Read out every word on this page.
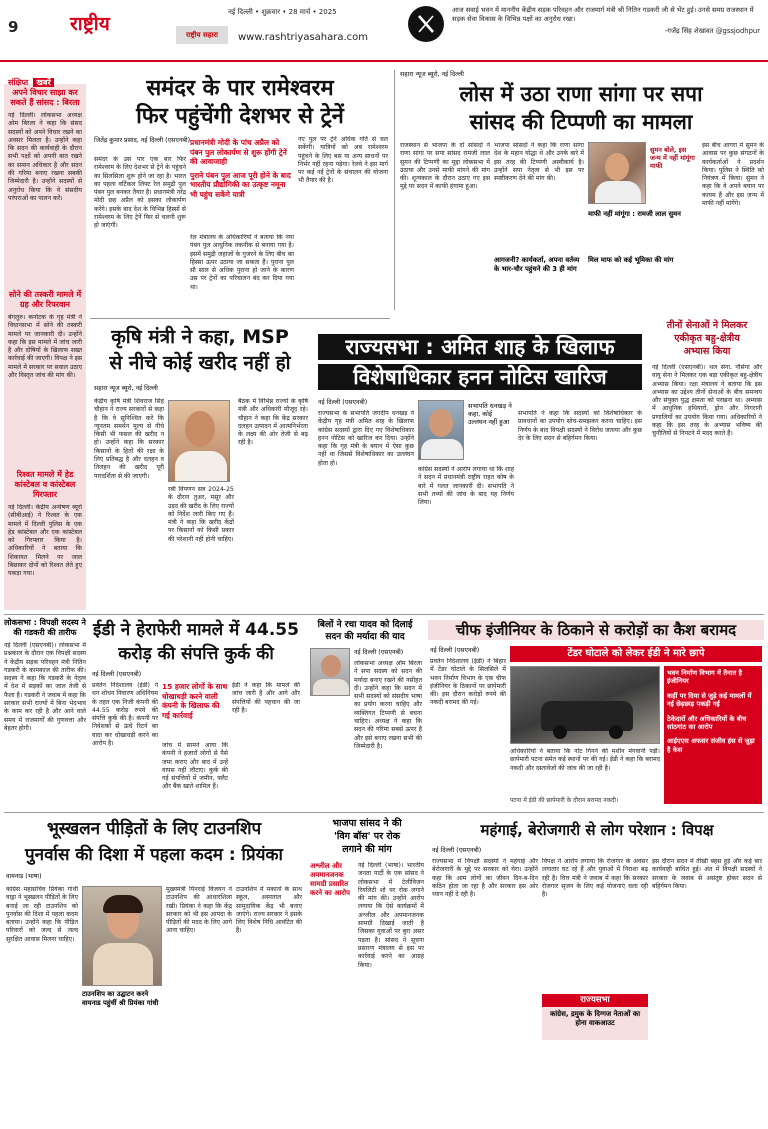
9	राष्ट्रीय
नई दिल्ली • शुक्रवार • 28 मार्च • 2025
राष्ट्रीय सहारा	www.rashtriyasahara.com
आज सवाई भवन में माननीय केंद्रीय सड़क परिवहन और राजमार्ग मंत्री श्री नितिन गडकरी जी से भेंट हुई। उनसे समग्र राजस्थान में सड़क सेवा विकास के विभिन्न पक्षों का अनुरोध रखा।
-गजेंद्र सिंह शेखावत @gssjodhpur
संक्षिप्त खबरें
अपने विचार साझा कर सकते हैं सांसद : बिरला
नई दिल्ली। लोकसभा अध्यक्ष ओम बिरला ने कहा कि संसद सदस्यों को अपने विचार रखने का अवसर मिलता है। उन्होंने कहा कि सदन की कार्यवाही के दौरान सभी पक्षों को अपनी बात रखने का समान अधिकार है और सदन की गरिमा बनाए रखना सबकी जिम्मेदारी है। उन्होंने सदस्यों से अनुरोध किया कि वे संसदीय परंपराओं का पालन करें।
सोने की तस्करी मामले में ग्रह और रिपरवान
बेंगलुरु। कर्नाटक के गृह मंत्री ने विधानसभा में सोने की तस्करी मामले पर जानकारी दी। उन्होंने कहा कि इस मामले में जांच जारी है और दोषियों के खिलाफ सख्त कार्रवाई की जाएगी। विपक्ष ने इस मामले में सरकार पर सवाल उठाए और विस्तृत जांच की मांग की।
रिश्वत मामले में हेड कांस्टेबल व कांस्टेबल गिरफ्तार
नई दिल्ली। केंद्रीय अन्वेषण ब्यूरो (सीबीआई) ने रिश्वत के एक मामले में दिल्ली पुलिस के एक हेड कांस्टेबल और एक कांस्टेबल को गिरफ्तार किया है। अधिकारियों ने बताया कि शिकायत मिलने पर जाल बिछाकर दोनों को रिश्वत लेते हुए पकड़ा गया।
समंदर के पार रामेश्वरम
फिर पहुंचेंगी देशभर से ट्रेनें
जितेंद्र कुमार प्रसाद, नई दिल्ली (एसएनबी)
समंदर के उस पार एक बार फिर रामेश्वरम के लिए देशभर से ट्रेनें के पहुंचने का सिलसिला शुरू होने जा रहा है। भारत का पहला वर्टिकल लिफ्ट रेल समुद्री पुल पंबन पुल बनकर तैयार है। प्रधानमंत्री नरेंद्र मोदी छह अप्रैल को इसका लोकार्पण करेंगे। इसके बाद देश के विभिन्न हिस्सों से रामेश्वरम के लिए ट्रेनें फिर से चलनी शुरू हो जाएंगी।
प्रधानमंत्री मोदी के पांच अप्रैल को पंबन पुल लोकार्पण से शुरू होंगी ट्रेनें की आवाजाही
पुराने पंबन पुल आज पूरी होने के बाद भारतीय प्रौद्योगिकी का उत्कृष्ट नमूना भी पहुंच सकेंगे यात्री
रेल मंत्रालय के अधिकारियों ने बताया कि नया पंबन पुल आधुनिक तकनीक से बनाया गया है। इसमें समुद्री जहाजों के गुजरने के लिए बीच का हिस्सा ऊपर उठाया जा सकता है। पुराना पुल सौ साल से अधिक पुराना हो जाने के कारण उस पर ट्रेनों का परिचालन बंद कर दिया गया था।
नए पुल पर ट्रेनें अधिक गति से चल सकेंगी। यात्रियों को अब रामेश्वरम पहुंचने के लिए बस या अन्य साधनों पर निर्भर नहीं रहना पड़ेगा। रेलवे ने इस मार्ग पर कई नई ट्रेनों के संचालन की योजना भी तैयार की है।
सहारा न्यूज ब्यूरो, नई दिल्ली
लोस में उठा राणा सांगा पर सपा
सांसद की टिप्पणी का मामला
राजस्थान से भाजपा के दो सांसदों ने राणा सांगा पर सपा सांसद रामजी लाल सुमन की टिप्पणी का मुद्दा लोकसभा में उठाया और उनसे माफी मांगने की मांग की। शून्यकाल के दौरान उठाए गए इस मुद्दे पर सदन में काफी हंगामा हुआ।
भाजपा सांसदों ने कहा कि राणा सांगा देश के महान योद्धा थे और उनके बारे में इस तरह की टिप्पणी अस्वीकार्य है। उन्होंने सपा नेतृत्व से भी इस पर स्पष्टीकरण देने की मांग की।
सुमन बोले, इस जन्म में नहीं मांगूंगा माफी
इस बीच आगरा में सुमन के आवास पर कुछ संगठनों के कार्यकर्ताओं ने प्रदर्शन किया। पुलिस ने स्थिति को नियंत्रण में किया। सुमन ने कहा कि वे अपने बयान पर कायम हैं और इस जन्म में माफी नहीं मांगेंगे।
माफी नहीं मांगूंगा : रामजी लाल सुमन
आगजनी? कार्यकर्ता, अपना वर्तव्य के भार-चौर पहुंचने की 3 ही मांग
मिल माफ को कई भूमिका की मांग
कृषि मंत्री ने कहा, MSP
से नीचे कोई खरीद नहीं हो
सहारा न्यूज ब्यूरो, नई दिल्ली
केंद्रीय कृषि मंत्री शिवराज सिंह चौहान ने राज्य सरकारों से कहा है कि वे सुनिश्चित करें कि न्यूनतम समर्थन मूल्य से नीचे किसी भी फसल की खरीद न हो। उन्होंने कहा कि सरकार किसानों के हितों की रक्षा के लिए प्रतिबद्ध है और दलहन व तिलहन की खरीद पूरी पारदर्शिता से की जाएगी।
रबी विपणन सत्र 2024-25 के दौरान तुअर, मसूर और उड़द की खरीद के लिए राज्यों को निर्देश जारी किए गए हैं। मंत्री ने कहा कि खरीद केंद्रों पर किसानों को किसी प्रकार की परेशानी नहीं होनी चाहिए।
बैठक में विभिन्न राज्यों के कृषि मंत्री और अधिकारी मौजूद रहे। चौहान ने कहा कि केंद्र सरकार दलहन उत्पादन में आत्मनिर्भरता के लक्ष्य की ओर तेजी से बढ़ रही है।
राज्यसभा : अमित शाह के खिलाफ
विशेषाधिकार हनन नोटिस खारिज
नई दिल्ली (एसएनबी)
राज्यसभा के सभापति जगदीप धनखड़ ने केंद्रीय गृह मंत्री अमित शाह के खिलाफ कांग्रेस सदस्यों द्वारा दिए गए विशेषाधिकार हनन नोटिस को खारिज कर दिया। उन्होंने कहा कि गृह मंत्री के बयान में ऐसा कुछ नहीं था जिससे विशेषाधिकार का उल्लंघन होता हो।
सभापति धनखड़ ने कहा, कोई उल्लंघन नहीं हुआ
कांग्रेस सदस्यों ने आरोप लगाया था कि शाह ने सदन में प्रधानमंत्री राष्ट्रीय राहत कोष के बारे में गलत जानकारी दी। सभापति ने सभी तथ्यों की जांच के बाद यह निर्णय लिया।
सभापति ने कहा कि सदस्यों को विशेषाधिकार के प्रावधानों का उपयोग सोच-समझकर करना चाहिए। इस निर्णय के बाद विपक्षी सदस्यों ने विरोध जताया और कुछ देर के लिए सदन से बहिर्गमन किया।
तीनों सेनाओं ने मिलकर
एकीकृत बहु-क्षेत्रीय
अभ्यास किया
नई दिल्ली (एसएनबी)। थल सेना, नौसेना और वायु सेना ने मिलकर एक बड़ा एकीकृत बहु-क्षेत्रीय अभ्यास किया। रक्षा मंत्रालय ने बताया कि इस अभ्यास का उद्देश्य तीनों सेनाओं के बीच समन्वय और संयुक्त युद्ध क्षमता को परखना था। अभ्यास में आधुनिक हथियारों, ड्रोन और निगरानी प्रणालियों का उपयोग किया गया। अधिकारियों ने कहा कि इस तरह के अभ्यास भविष्य की चुनौतियों से निपटने में मदद करते हैं।
लोकसभा : विपक्षी सदस्य ने की गडकरी की तारीफ
नई दिल्ली (एसएनबी)। लोकसभा में प्रश्नकाल के दौरान एक विपक्षी सदस्य ने केंद्रीय सड़क परिवहन मंत्री नितिन गडकरी के कामकाज की तारीफ की। सदस्य ने कहा कि गडकरी के नेतृत्व में देश में सड़कों का जाल तेजी से फैला है। गडकरी ने जवाब में कहा कि सरकार सभी राज्यों में बिना भेदभाव के काम कर रही है और आने वाले समय में राजमार्गों की गुणवत्ता और बेहतर होगी।
ईडी ने हेराफेरी मामले में 44.55
करोड़ की संपत्ति कुर्क की
नई दिल्ली (एसएनबी)
प्रवर्तन निदेशालय (ईडी) ने धन शोधन निवारण अधिनियम के तहत एक निजी कंपनी की 44.55 करोड़ रुपये की संपत्ति कुर्क की है। कंपनी पर निवेशकों से ऊंचे रिटर्न का वादा कर धोखाधड़ी करने का आरोप है।
15 हजार लोगों के साथ धोखाधड़ी करने वाली कंपनी के खिलाफ की गई कार्रवाई
जांच में सामने आया कि कंपनी ने हजारों लोगों से पैसे जमा कराए और बाद में उन्हें वापस नहीं लौटाए। कुर्क की गई संपत्तियों में जमीन, फ्लैट और बैंक खाते शामिल हैं।
ईडी ने कहा कि मामले की जांच जारी है और आगे और संपत्तियों की पहचान की जा रही है।
बिलों ने रचा यादव को दिलाई
सदन की मर्यादा की याद
नई दिल्ली (एसएनबी)
लोकसभा अध्यक्ष ओम बिरला ने सपा सदस्य को सदन की मर्यादा बनाए रखने की नसीहत दी। उन्होंने कहा कि सदन में सभी सदस्यों को संसदीय भाषा का प्रयोग करना चाहिए और व्यक्तिगत टिप्पणी से बचना चाहिए। अध्यक्ष ने कहा कि सदन की गरिमा सबसे ऊपर है और इसे बनाए रखना सभी की जिम्मेदारी है।
चीफ इंजीनियर के ठिकाने से करोड़ों का कैश बरामद
नई दिल्ली (एसएनबी)
प्रवर्तन निदेशालय (ईडी) ने बिहार में टेंडर घोटाले के सिलसिले में भवन निर्माण विभाग के एक चीफ इंजीनियर के ठिकानों पर छापेमारी की। इस दौरान करोड़ों रुपये की नकदी बरामद की गई।
टेंडर घोटाले को लेकर ईडी ने मारे छापे
भवन निर्माण विभाग में तैनात है इंजीनियर
कहीं पर दिया से जुड़े कई मामलों में नई छेड़छाड़ पकड़ी गई
ठेकेदारों और अधिकारियों के बीच सांठगांठ का आरोप
आईएएस अफसर संजीव हंस से जुड़ा है केस
अधिकारियों ने बताया कि नोट गिनने की मशीन मंगवानी पड़ी। छापेमारी पटना समेत कई स्थानों पर की गई। ईडी ने कहा कि बरामद नकदी और दस्तावेजों की जांच की जा रही है।
पटना में ईडी की छापेमारी के दौरान बरामद नकदी।
भूस्खलन पीड़ितों के लिए टाउनशिप
पुनर्वास की दिशा में पहला कदम : प्रियंका
वायनाड (भाषा)
कांग्रेस महासचिव प्रियंका गांधी वाड्रा ने भूस्खलन पीड़ितों के लिए बनाई जा रही टाउनशिप को पुनर्वास की दिशा में पहला कदम बताया। उन्होंने कहा कि पीड़ित परिवारों को जल्द से जल्द सुरक्षित आवास मिलना चाहिए।
टाउनशिप का उद्घाटन करने वायनाड पहुंचीं श्री प्रियंका गांधी
मुख्यमंत्री पिनराई विजयन ने टाउनशिप की आधारशिला रखी। प्रियंका ने कहा कि केंद्र सरकार को भी इस आपदा के पीड़ितों की मदद के लिए आगे आना चाहिए।
टाउनशिप में मकानों के साथ स्कूल, अस्पताल और सामुदायिक केंद्र भी बनाए जाएंगे। राज्य सरकार ने इसके लिए विशेष निधि आवंटित की है।
भाजपा सांसद ने की
'विग बॉस' पर रोक
लगाने की मांग
अश्लील और अपमानजनक सामग्री प्रसारित करने का आरोप
नई दिल्ली (भाषा)। भारतीय जनता पार्टी के एक सांसद ने लोकसभा में टेलीविजन रियलिटी शो पर रोक लगाने की मांग की। उन्होंने आरोप लगाया कि ऐसे कार्यक्रमों में अश्लील और अपमानजनक सामग्री दिखाई जाती है जिसका युवाओं पर बुरा असर पड़ता है। सांसद ने सूचना प्रसारण मंत्रालय से इस पर कार्रवाई करने का आग्रह किया।
महंगाई, बेरोजगारी से लोग परेशान : विपक्ष
नई दिल्ली (एसएनबी)
राज्यसभा में विपक्षी सदस्यों ने महंगाई और बेरोजगारी के मुद्दे पर सरकार को घेरा। उन्होंने कहा कि आम लोगों का जीवन दिन-ब-दिन कठिन होता जा रहा है और सरकार इस ओर ध्यान नहीं दे रही है।
विपक्ष ने आरोप लगाया कि रोजगार के अवसर लगातार घट रहे हैं और युवाओं में निराशा बढ़ रही है। वित्त मंत्री ने जवाब में कहा कि सरकार रोजगार सृजन के लिए कई योजनाएं चला रही है।
राज्यसभा
कांग्रेस, द्रमुक के दिग्गज नेताओं का होना वाकआउट
इस दौरान सदन में तीखी बहस हुई और कई बार कार्यवाही बाधित हुई। अंत में विपक्षी सदस्यों ने सरकार के जवाब से असंतुष्ट होकर सदन से बहिर्गमन किया।
